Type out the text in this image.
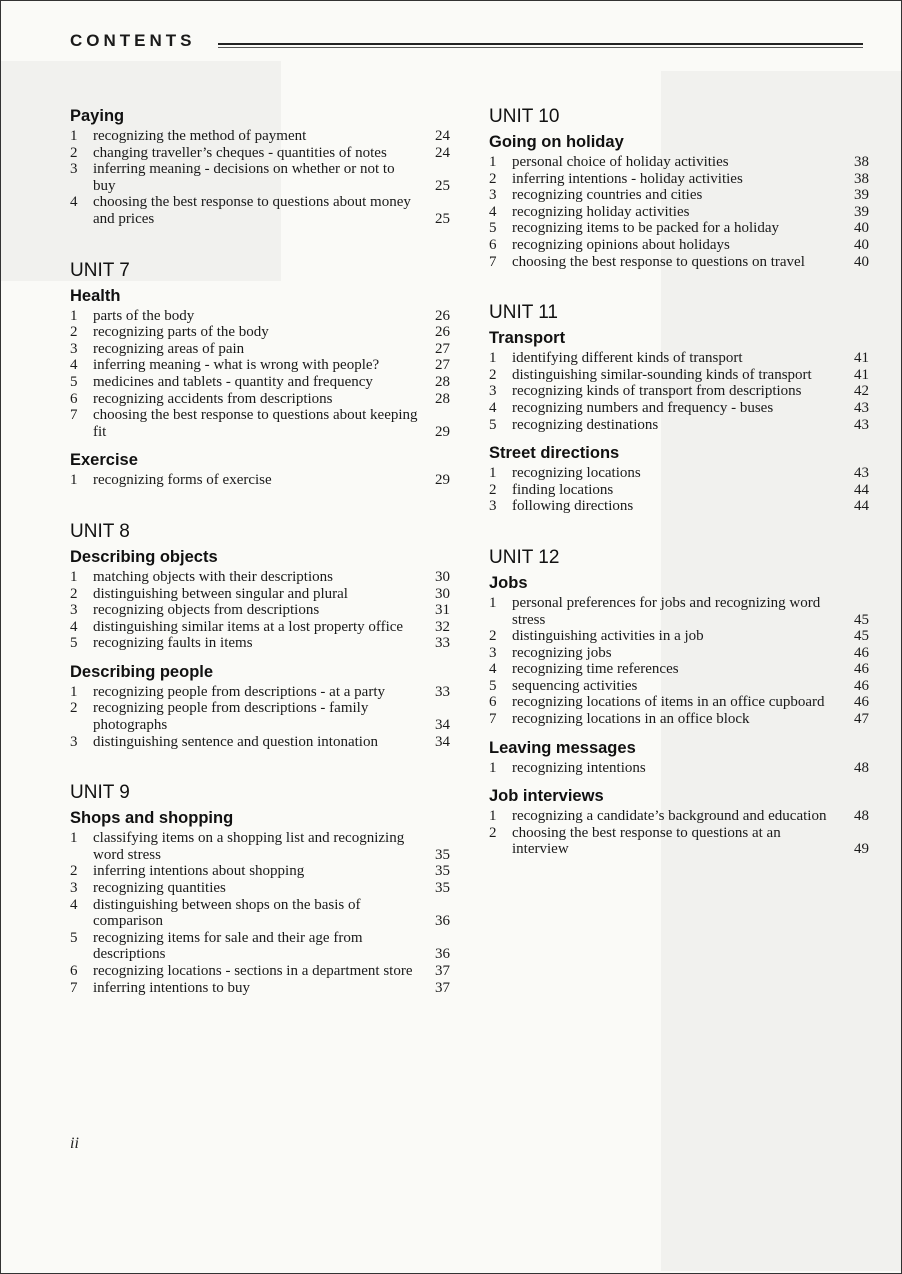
CONTENTS
Paying
1	recognizing the method of payment	24
2	changing traveller’s cheques - quantities of notes	24
3	inferring meaning - decisions on whether or not to buy	25
4	choosing the best response to questions about money and prices	25
UNIT 7
Health
1	parts of the body	26
2	recognizing parts of the body	26
3	recognizing areas of pain	27
4	inferring meaning - what is wrong with people?	27
5	medicines and tablets - quantity and frequency	28
6	recognizing accidents from descriptions	28
7	choosing the best response to questions about keeping fit	29
Exercise
1	recognizing forms of exercise	29
UNIT 8
Describing objects
1	matching objects with their descriptions	30
2	distinguishing between singular and plural	30
3	recognizing objects from descriptions	31
4	distinguishing similar items at a lost property office	32
5	recognizing faults in items	33
Describing people
1	recognizing people from descriptions - at a party	33
2	recognizing people from descriptions - family photographs	34
3	distinguishing sentence and question intonation	34
UNIT 9
Shops and shopping
1	classifying items on a shopping list and recognizing word stress	35
2	inferring intentions about shopping	35
3	recognizing quantities	35
4	distinguishing between shops on the basis of comparison	36
5	recognizing items for sale and their age from descriptions	36
6	recognizing locations - sections in a department store	37
7	inferring intentions to buy	37
UNIT 10
Going on holiday
1	personal choice of holiday activities	38
2	inferring intentions - holiday activities	38
3	recognizing countries and cities	39
4	recognizing holiday activities	39
5	recognizing items to be packed for a holiday	40
6	recognizing opinions about holidays	40
7	choosing the best response to questions on travel	40
UNIT 11
Transport
1	identifying different kinds of transport	41
2	distinguishing similar-sounding kinds of transport	41
3	recognizing kinds of transport from descriptions	42
4	recognizing numbers and frequency - buses	43
5	recognizing destinations	43
Street directions
1	recognizing locations	43
2	finding locations	44
3	following directions	44
UNIT 12
Jobs
1	personal preferences for jobs and recognizing word stress	45
2	distinguishing activities in a job	45
3	recognizing jobs	46
4	recognizing time references	46
5	sequencing activities	46
6	recognizing locations of items in an office cupboard	46
7	recognizing locations in an office block	47
Leaving messages
1	recognizing intentions	48
Job interviews
1	recognizing a candidate’s background and education	48
2	choosing the best response to questions at an interview	49
ii
